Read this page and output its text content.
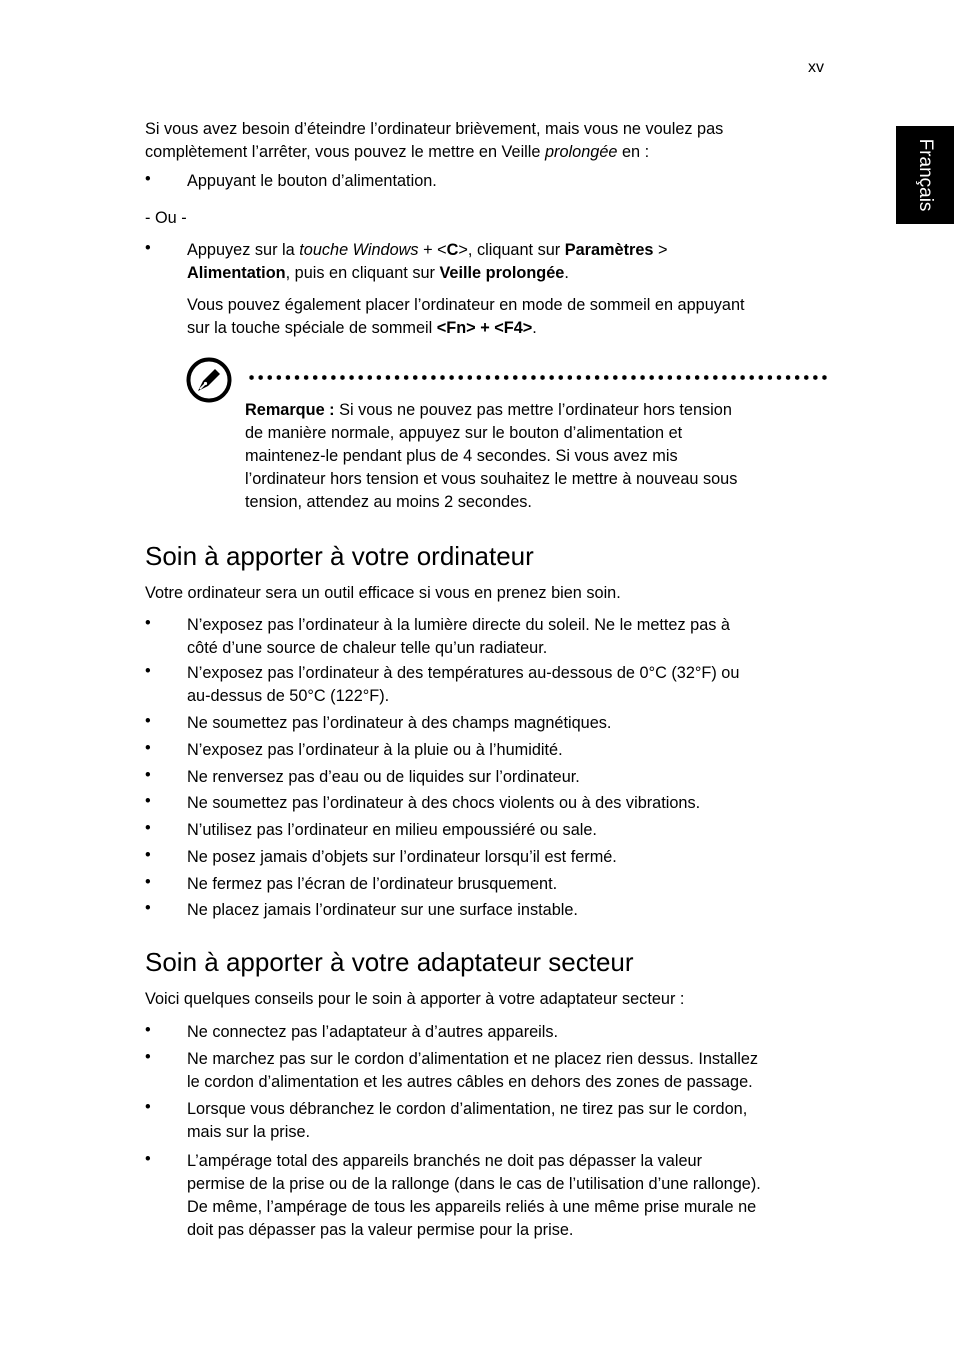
xv
Français
Si vous avez besoin d’éteindre l’ordinateur brièvement, mais vous ne voulez pas
complètement l’arrêter, vous pouvez le mettre en Veille prolongée en :
• Appuyant le bouton d’alimentation.
- Ou -
• Appuyez sur la touche Windows + <C>, cliquant sur Paramètres >
Alimentation, puis en cliquant sur Veille prolongée.
Vous pouvez également placer l’ordinateur en mode de sommeil en appuyant
sur la touche spéciale de sommeil <Fn> + <F4>.
Remarque : Si vous ne pouvez pas mettre l’ordinateur hors tension
de manière normale, appuyez sur le bouton d’alimentation et
maintenez-le pendant plus de 4 secondes. Si vous avez mis
l’ordinateur hors tension et vous souhaitez le mettre à nouveau sous
tension, attendez au moins 2 secondes.
Soin à apporter à votre ordinateur
Votre ordinateur sera un outil efficace si vous en prenez bien soin.
• N’exposez pas l’ordinateur à la lumière directe du soleil. Ne le mettez pas à
côté d’une source de chaleur telle qu’un radiateur.
• N’exposez pas l’ordinateur à des températures au-dessous de 0°C (32°F) ou
au-dessus de 50°C (122°F).
• Ne soumettez pas l’ordinateur à des champs magnétiques.
• N’exposez pas l’ordinateur à la pluie ou à l’humidité.
• Ne renversez pas d’eau ou de liquides sur l’ordinateur.
• Ne soumettez pas l’ordinateur à des chocs violents ou à des vibrations.
• N’utilisez pas l’ordinateur en milieu empoussiéré ou sale.
• Ne posez jamais d’objets sur l’ordinateur lorsqu’il est fermé.
• Ne fermez pas l’écran de l’ordinateur brusquement.
• Ne placez jamais l’ordinateur sur une surface instable.
Soin à apporter à votre adaptateur secteur
Voici quelques conseils pour le soin à apporter à votre adaptateur secteur :
• Ne connectez pas l’adaptateur à d’autres appareils.
• Ne marchez pas sur le cordon d’alimentation et ne placez rien dessus. Installez
le cordon d’alimentation et les autres câbles en dehors des zones de passage.
• Lorsque vous débranchez le cordon d’alimentation, ne tirez pas sur le cordon,
mais sur la prise.
• L’ampérage total des appareils branchés ne doit pas dépasser la valeur
permise de la prise ou de la rallonge (dans le cas de l’utilisation d’une rallonge).
De même, l’ampérage de tous les appareils reliés à une même prise murale ne
doit pas dépasser pas la valeur permise pour la prise.
